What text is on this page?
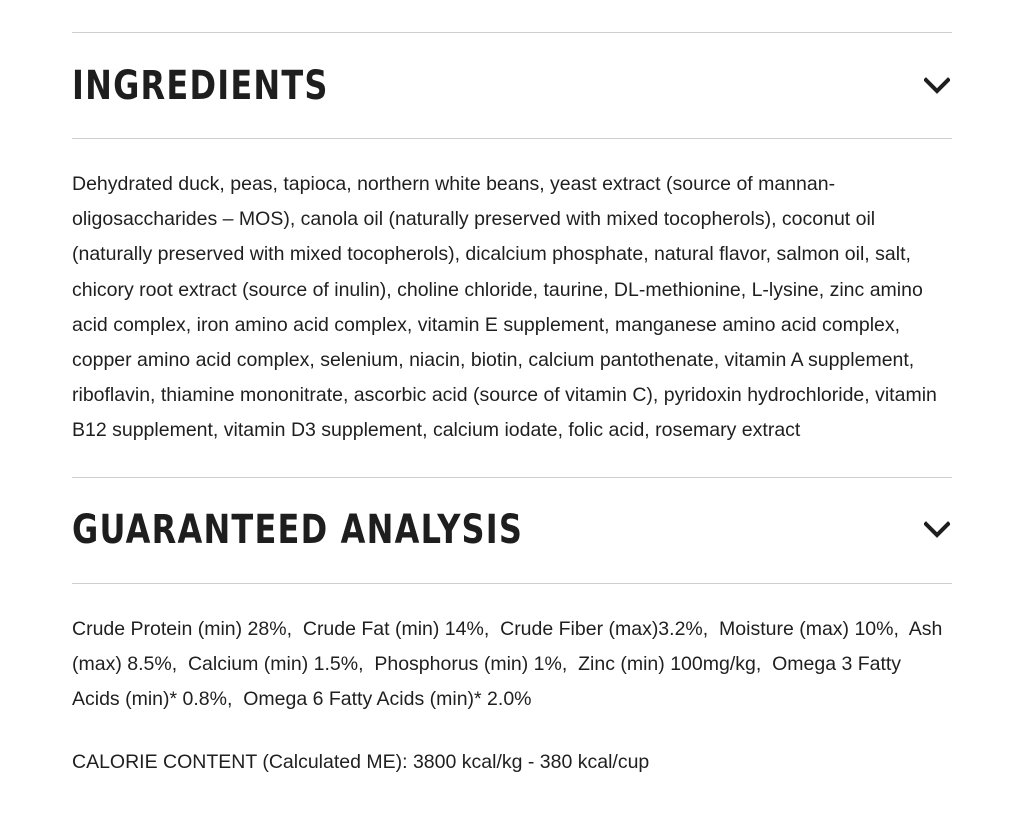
INGREDIENTS

Dehydrated duck, peas, tapioca, northern white beans, yeast extract (source of mannan-oligosaccharides – MOS), canola oil (naturally preserved with mixed tocopherols), coconut oil (naturally preserved with mixed tocopherols), dicalcium phosphate, natural flavor, salmon oil, salt, chicory root extract (source of inulin), choline chloride, taurine, DL-methionine, L-lysine, zinc amino acid complex, iron amino acid complex, vitamin E supplement, manganese amino acid complex, copper amino acid complex, selenium, niacin, biotin, calcium pantothenate, vitamin A supplement, riboflavin, thiamine mononitrate, ascorbic acid (source of vitamin C), pyridoxin hydrochloride, vitamin B12 supplement, vitamin D3 supplement, calcium iodate, folic acid, rosemary extract

GUARANTEED ANALYSIS

Crude Protein (min) 28%, Crude Fat (min) 14%, Crude Fiber (max)3.2%, Moisture (max) 10%, Ash (max) 8.5%, Calcium (min) 1.5%, Phosphorus (min) 1%, Zinc (min) 100mg/kg, Omega 3 Fatty Acids (min)* 0.8%, Omega 6 Fatty Acids (min)* 2.0%

CALORIE CONTENT (Calculated ME): 3800 kcal/kg - 380 kcal/cup
